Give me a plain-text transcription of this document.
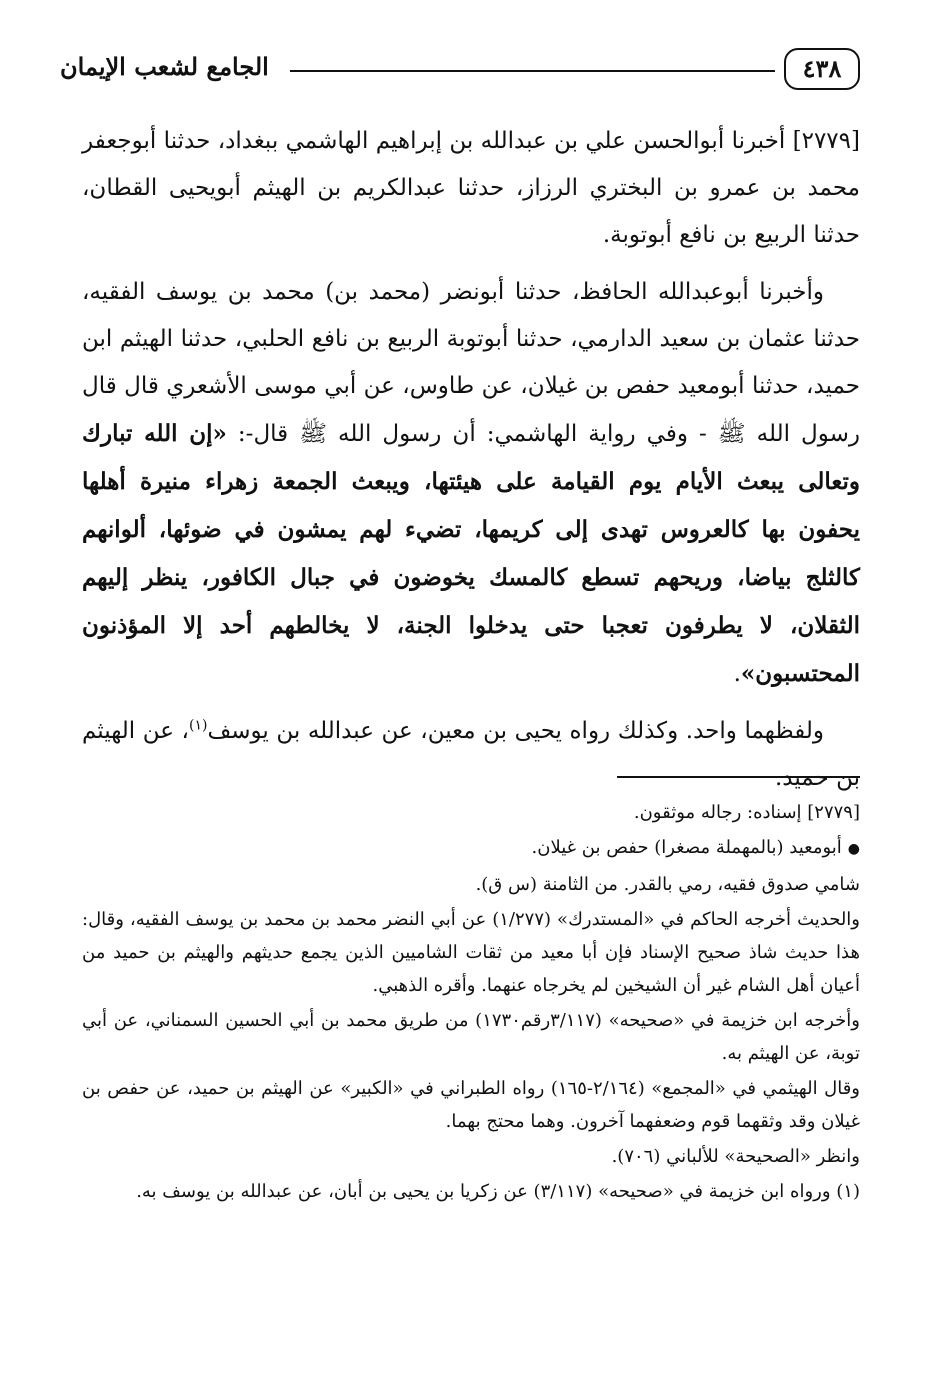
الجامع لشعب الإيمان	٤٣٨

[٢٧٧٩] أخبرنا أبوالحسن علي بن عبدالله بن إبراهيم الهاشمي ببغداد، حدثنا أبوجعفر محمد بن عمرو بن البختري الرزاز، حدثنا عبدالكريم بن الهيثم أبويحيى القطان، حدثنا الربيع بن نافع أبوتوبة.

وأخبرنا أبوعبدالله الحافظ، حدثنا أبونضر (محمد بن) محمد بن يوسف الفقيه، حدثنا عثمان بن سعيد الدارمي، حدثنا أبوتوبة الربيع بن نافع الحلبي، حدثنا الهيثم ابن حميد، حدثنا أبومعيد حفص بن غيلان، عن طاوس، عن أبي موسى الأشعري قال قال رسول الله ﷺ - وفي رواية الهاشمي: أن رسول الله ﷺ قال-: «إن الله تبارك وتعالى يبعث الأيام يوم القيامة على هيئتها، ويبعث الجمعة زهراء منيرة أهلها يحفون بها كالعروس تهدى إلى كريمها، تضيء لهم يمشون في ضوئها، ألوانهم كالثلج بياضا، وريحهم تسطع كالمسك يخوضون في جبال الكافور، ينظر إليهم الثقلان، لا يطرفون تعجبا حتى يدخلوا الجنة، لا يخالطهم أحد إلا المؤذنون المحتسبون».

ولفظهما واحد. وكذلك رواه يحيى بن معين، عن عبدالله بن يوسف$^{(١)}$، عن الهيثم بن حميد.

[٢٧٧٩] إسناده: رجاله موثقون.

●أبومعيد (بالمهملة مصغرا) حفص بن غيلان.

شامي صدوق فقيه، رمي بالقدر. من الثامنة (س ق).

والحديث أخرجه الحاكم في «المستدرك» (١/٢٧٧) عن أبي النضر محمد بن محمد بن يوسف الفقيه، وقال: هذا حديث شاذ صحيح الإسناد فإن أبا معيد من ثقات الشاميين الذين يجمع حديثهم والهيثم بن حميد من أعيان أهل الشام غير أن الشيخين لم يخرجاه عنهما. وأقره الذهبي.

وأخرجه ابن خزيمة في «صحيحه» (٣/١١٧رقم١٧٣٠) من طريق محمد بن أبي الحسين السمناني، عن أبي توبة، عن الهيثم به.

وقال الهيثمي في «المجمع» (٢/١٦٤-١٦٥) رواه الطبراني في «الكبير» عن الهيثم بن حميد، عن حفص بن غيلان وقد وثقهما قوم وضعفهما آخرون. وهما محتج بهما.

وانظر «الصحيحة» للألباني (٧٠٦).

(١) ورواه ابن خزيمة في «صحيحه» (٣/١١٧) عن زكريا بن يحيى بن أبان، عن عبدالله بن يوسف به.
